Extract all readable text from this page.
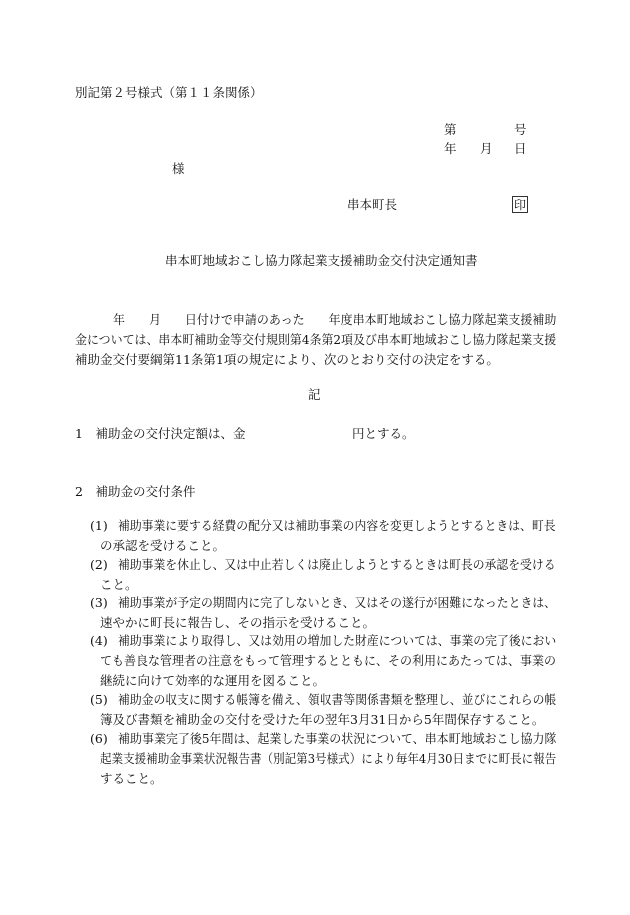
別記第２号様式（第１１条関係）
第	号
年 月 日
様
串本町長	印
串本町地域おこし協力隊起業支援補助金交付決定通知書
年　　月　　日付けで申請のあった　　年度串本町地域おこし協力隊起業支援補助
金については、串本町補助金等交付規則第4条第2項及び串本町地域おこし協力隊起業支援
補助金交付要綱第11条第1項の規定により、次のとおり交付の決定をする。
記
1　補助金の交付決定額は、金	円とする。
2　補助金の交付条件
(1) 補助事業に要する経費の配分又は補助事業の内容を変更しようとするときは、町長
の承認を受けること。
(2) 補助事業を休止し、又は中止若しくは廃止しようとするときは町長の承認を受ける
こと。
(3) 補助事業が予定の期間内に完了しないとき、又はその遂行が困難になったときは、
速やかに町長に報告し、その指示を受けること。
(4) 補助事業により取得し、又は効用の増加した財産については、事業の完了後におい
ても善良な管理者の注意をもって管理するとともに、その利用にあたっては、事業の
継続に向けて効率的な運用を図ること。
(5) 補助金の収支に関する帳簿を備え、領収書等関係書類を整理し、並びにこれらの帳
簿及び書類を補助金の交付を受けた年の翌年3月31日から5年間保存すること。
(6) 補助事業完了後5年間は、起業した事業の状況について、串本町地域おこし協力隊
起業支援補助金事業状況報告書（別記第3号様式）により毎年4月30日までに町長に報告
すること。
